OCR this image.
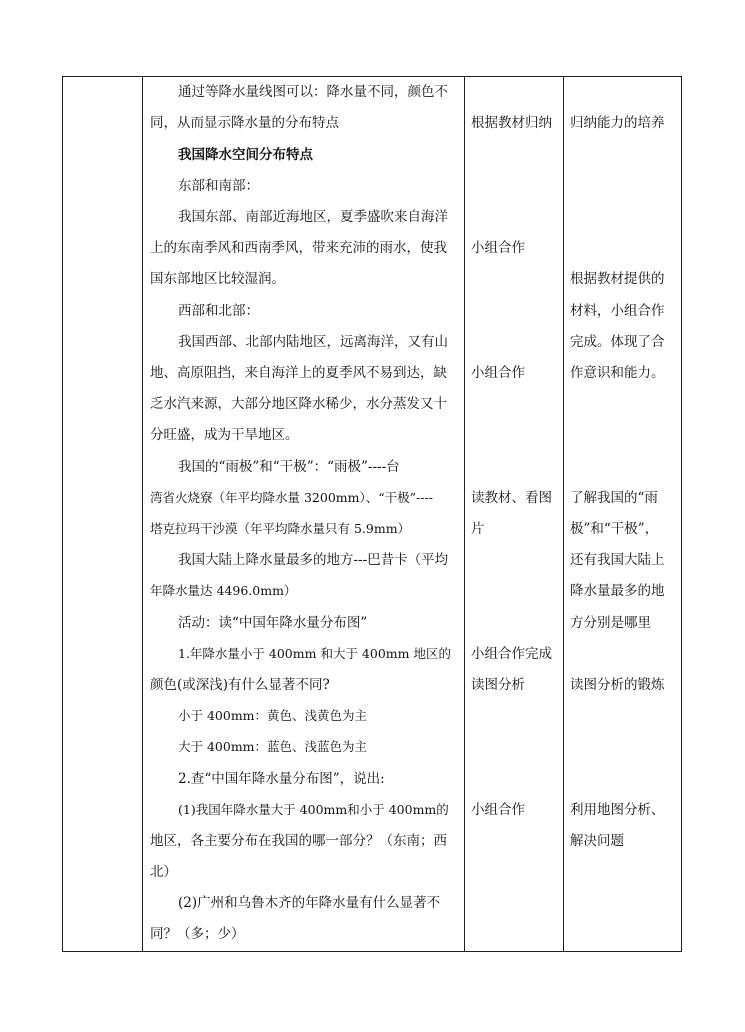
通过等降水量线图可以：降水量不同，颜色不
同，从而显示降水量的分布特点
我国降水空间分布特点
东部和南部：
我国东部、南部近海地区，夏季盛吹来自海洋
上的东南季风和西南季风，带来充沛的雨水，使我
国东部地区比较湿润。
西部和北部：
我国西部、北部内陆地区，远离海洋，又有山
地、高原阻挡，来自海洋上的夏季风不易到达，缺
乏水汽来源，大部分地区降水稀少，水分蒸发又十
分旺盛，成为干旱地区。
我国的“雨极”和“干极”：“雨极”----台
湾省火烧寮（年平均降水量 3200mm）、“干极”----
塔克拉玛干沙漠（年平均降水量只有 5.9mm）
我国大陆上降水量最多的地方---巴昔卡（平均
年降水量达 4496.0mm）
活动：读“中国年降水量分布图”
1.年降水量小于 400mm 和大于 400mm 地区的
颜色(或深浅)有什么显著不同?
小于 400mm：黄色、浅黄色为主
大于 400mm：蓝色、浅蓝色为主
2.查“中国年降水量分布图”，说出:
(1)我国年降水量大于 400mm和小于 400mm的
地区，各主要分布在我国的哪一部分？（东南；西
北）
(2)广州和乌鲁木齐的年降水量有什么显著不
同？（多；少）
根据教材归纳
小组合作
小组合作
读教材、看图
片
小组合作完成
读图分析
小组合作
归纳能力的培养
根据教材提供的
材料，小组合作
完成。体现了合
作意识和能力。
了解我国的“雨
极”和“干极”，
还有我国大陆上
降水量最多的地
方分别是哪里
读图分析的锻炼
利用地图分析、
解决问题
